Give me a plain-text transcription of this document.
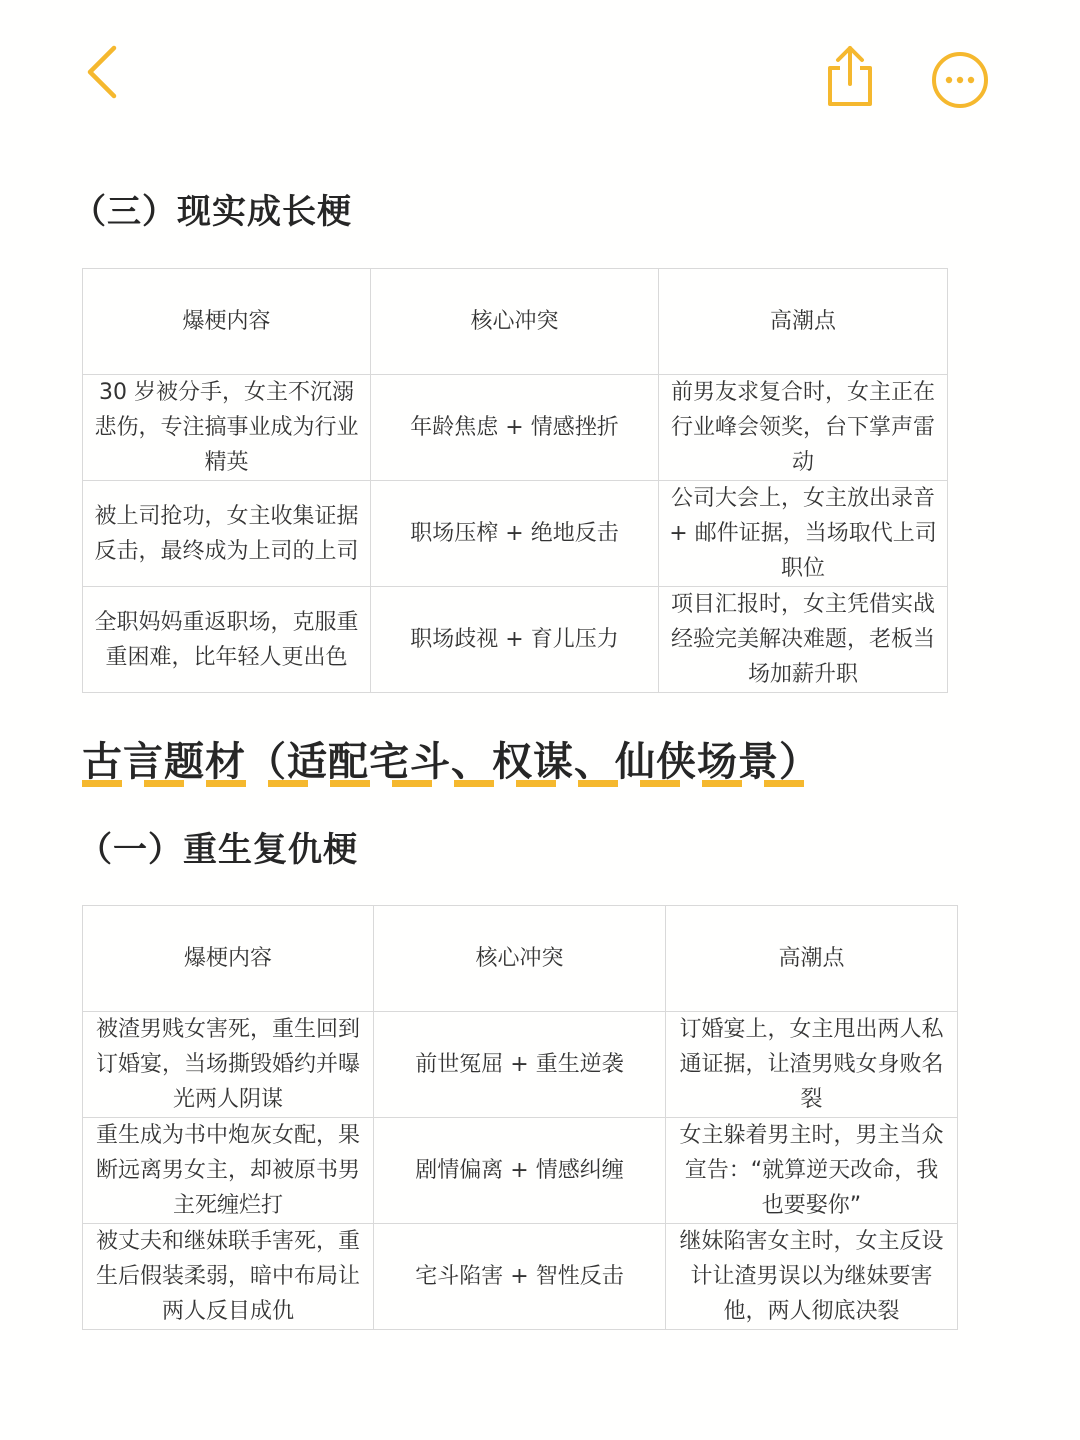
（三）现实成长梗
爆梗内容	核心冲突	高潮点
30 岁被分手，女主不沉溺悲伤，专注搞事业成为行业精英	年龄焦虑 + 情感挫折	前男友求复合时，女主正在行业峰会领奖，台下掌声雷动
被上司抢功，女主收集证据反击，最终成为上司的上司	职场压榨 + 绝地反击	公司大会上，女主放出录音 + 邮件证据，当场取代上司职位
全职妈妈重返职场，克服重重困难，比年轻人更出色	职场歧视 + 育儿压力	项目汇报时，女主凭借实战经验完美解决难题，老板当场加薪升职
古言题材（适配宅斗、权谋、仙侠场景）
（一）重生复仇梗
爆梗内容	核心冲突	高潮点
被渣男贱女害死，重生回到订婚宴，当场撕毁婚约并曝光两人阴谋	前世冤屈 + 重生逆袭	订婚宴上，女主甩出两人私通证据，让渣男贱女身败名裂
重生成为书中炮灰女配，果断远离男女主，却被原书男主死缠烂打	剧情偏离 + 情感纠缠	女主躲着男主时，男主当众宣告：“就算逆天改命，我也要娶你”
被丈夫和继妹联手害死，重生后假装柔弱，暗中布局让两人反目成仇	宅斗陷害 + 智性反击	继妹陷害女主时，女主反设计让渣男误以为继妹要害他，两人彻底决裂
